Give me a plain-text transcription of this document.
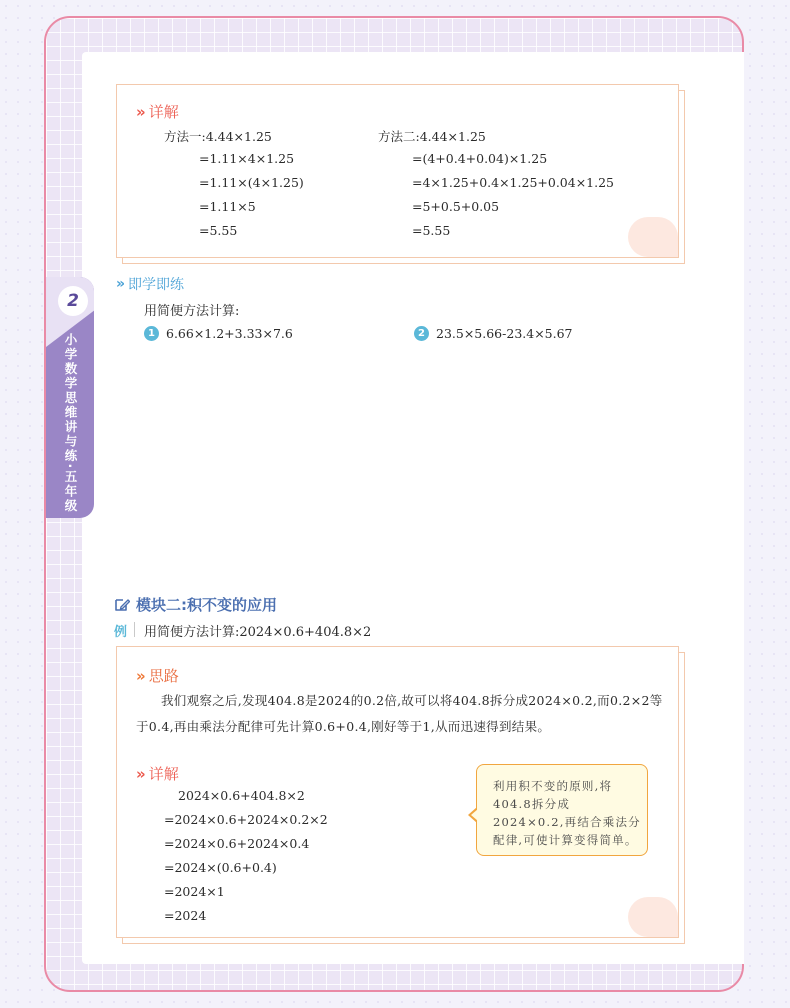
2
小学数学思维讲与练·五年级
» 详解
方法一:4.44×1.25
=1.11×4×1.25
=1.11×(4×1.25)
=1.11×5
=5.55
方法二:4.44×1.25
=(4+0.4+0.04)×1.25
=4×1.25+0.4×1.25+0.04×1.25
=5+0.5+0.05
=5.55
» 即学即练
用简便方法计算:
1 6.66×1.2+3.33×7.6	2 23.5×5.66-23.4×5.67
模块二:积不变的应用
例 用简便方法计算:2024×0.6+404.8×2
» 思路
我们观察之后,发现404.8是2024的0.2倍,故可以将404.8拆分成2024×0.2,而0.2×2等于0.4,再由乘法分配律可先计算0.6+0.4,刚好等于1,从而迅速得到结果。
» 详解
2024×0.6+404.8×2
=2024×0.6+2024×0.2×2
=2024×0.6+2024×0.4
=2024×(0.6+0.4)
=2024×1
=2024
利用积不变的原则,将404.8拆分成2024×0.2,再结合乘法分配律,可使计算变得简单。
